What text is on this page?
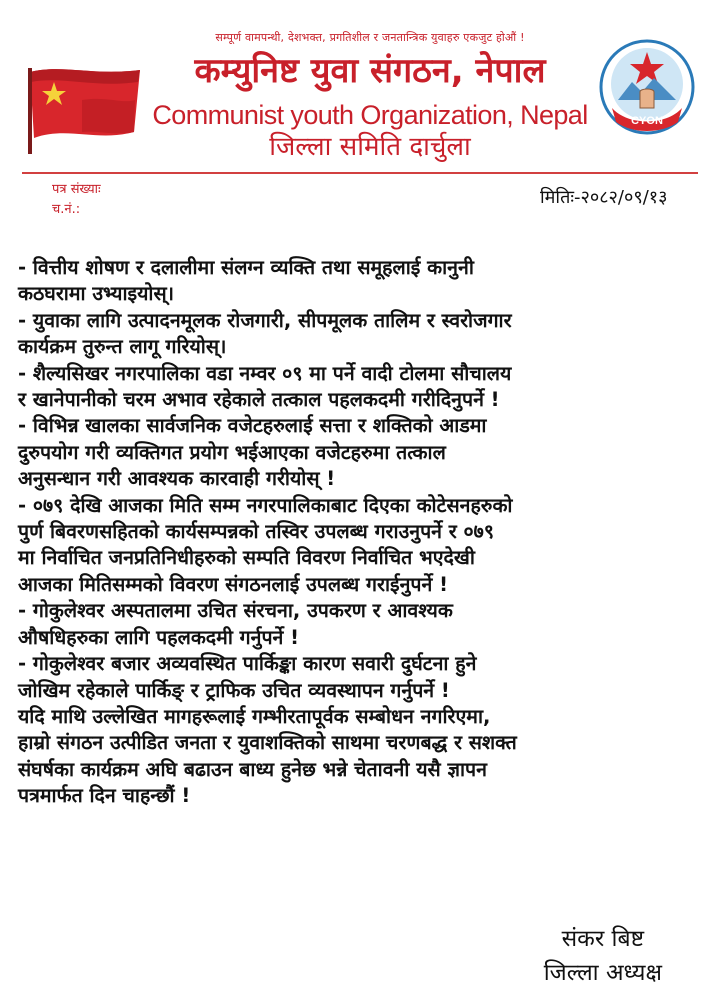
सम्पूर्ण वामपन्थी, देशभक्त, प्रगतिशील र जनतान्त्रिक युवाहरु एकजुट होऔं !
कम्युनिष्ट युवा संगठन, नेपाल
Communist youth Organization, Nepal
जिल्ला समिति दार्चुला
CYON
पत्र संख्याः
च.नं.:
मितिः-२०८२/०९/१३

- वित्तीय शोषण र दलालीमा संलग्न व्यक्ति तथा समूहलाई कानुनी

कठघरामा उभ्याइयोस्।

- युवाका लागि उत्पादनमूलक रोजगारी, सीपमूलक तालिम र स्वरोजगार

कार्यक्रम तुरुन्त लागू गरियोस्।

- शैल्यसिखर नगरपालिका वडा नम्वर ०९ मा पर्ने वादी टोलमा सौचालय

र खानेपानीको चरम अभाव रहेकाले तत्काल पहलकदमी गरीदिनुपर्ने !

- विभिन्न खालका सार्वजनिक वजेटहरुलाई सत्ता र शक्तिको आडमा

दुरुपयोग गरी व्यक्तिगत प्रयोग भईआएका वजेटहरुमा तत्काल

अनुसन्धान गरी आवश्यक कारवाही गरीयोस् !

- ०७९ देखि आजका मिति सम्म नगरपालिकाबाट दिएका कोटेसनहरुको

पुर्ण बिवरणसहितको कार्यसम्पन्नको तस्विर उपलब्ध गराउनुपर्ने र ०७९

मा निर्वाचित जनप्रतिनिधीहरुको सम्पति विवरण निर्वाचित भएदेखी

आजका मितिसम्मको विवरण संगठनलाई उपलब्ध गराईनुपर्ने !

- गोकुलेश्वर अस्पतालमा उचित संरचना, उपकरण र आवश्यक

औषधिहरुका लागि पहलकदमी गर्नुपर्ने !

- गोकुलेश्वर बजार अव्यवस्थित पार्किङ्का कारण सवारी दुर्घटना हुने

जोखिम रहेकाले पार्किङ् र ट्राफिक उचित व्यवस्थापन गर्नुपर्ने !

यदि माथि उल्लेखित मागहरूलाई गम्भीरतापूर्वक सम्बोधन नगरिएमा,

हाम्रो संगठन उत्पीडित जनता र युवाशक्तिको साथमा चरणबद्ध र सशक्त

संघर्षका कार्यक्रम अघि बढाउन बाध्य हुनेछ भन्ने चेतावनी यसै ज्ञापन

पत्रमार्फत दिन चाहन्छौं !

संकर बिष्ट
जिल्ला अध्यक्ष
